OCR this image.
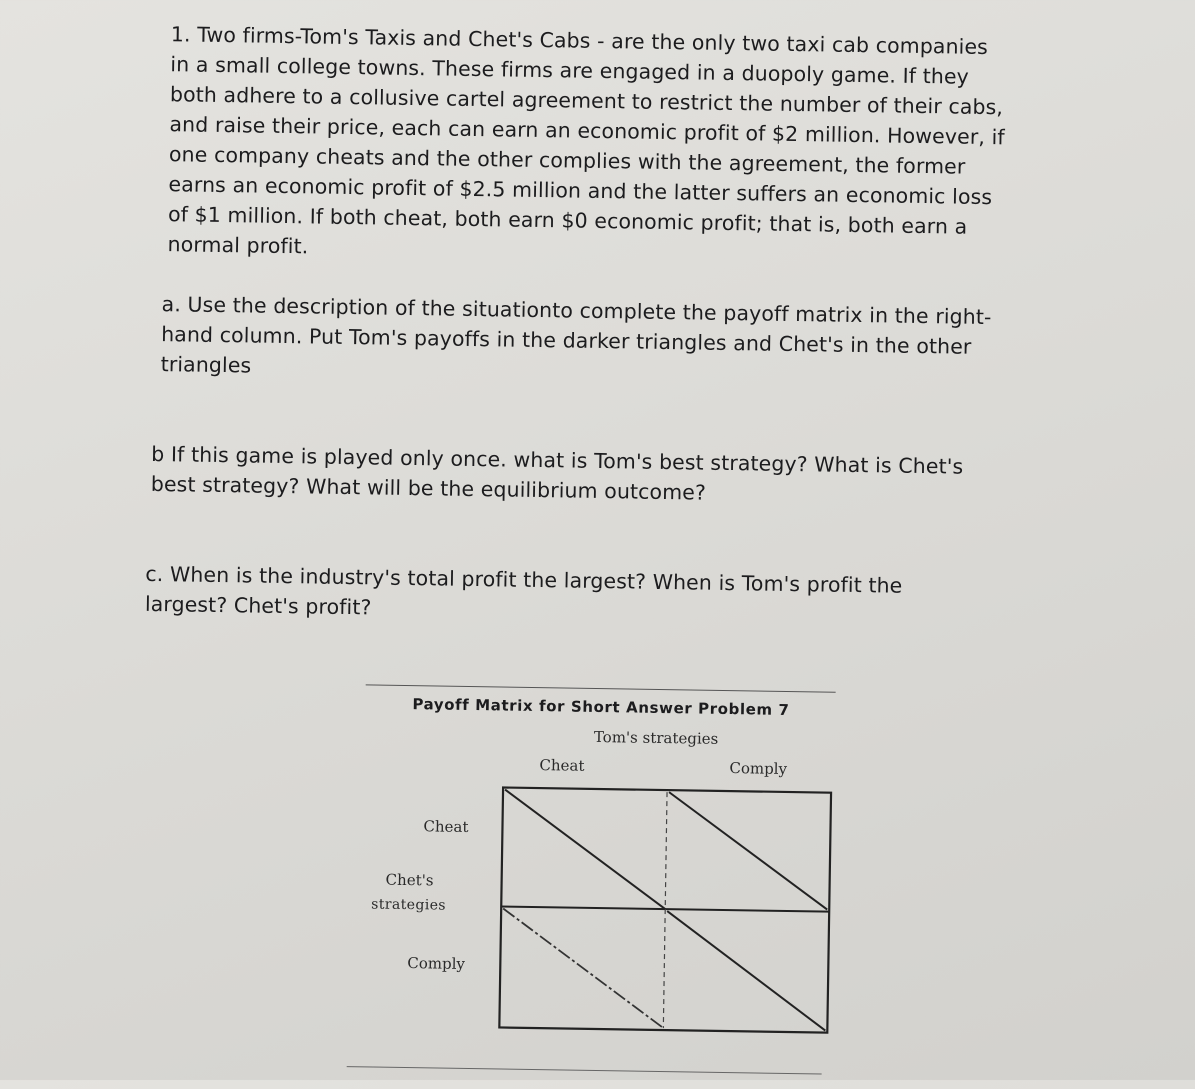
1. Two firms-Tom's Taxis and Chet's Cabs - are the only two taxi cab companies
in a small college towns. These firms are engaged in a duopoly game. If they
both adhere to a collusive cartel agreement to restrict the number of their cabs,
and raise their price, each can earn an economic profit of $2 million. However, if
one company cheats and the other complies with the agreement, the former
earns an economic profit of $2.5 million and the latter suffers an economic loss
of $1 million. If both cheat, both earn $0 economic profit; that is, both earn a
normal profit.

a. Use the description of the situationto complete the payoff matrix in the right-
hand column. Put Tom's payoffs in the darker triangles and Chet's in the other
triangles

b If this game is played only once. what is Tom's best strategy? What is Chet's
best strategy? What will be the equilibrium outcome?

c. When is the industry's total profit the largest? When is Tom's profit the
largest? Chet's profit?

Payoff Matrix for Short Answer Problem 7
Tom's strategies
Cheat	Comply
Cheat
Chet's
strategies
Comply
